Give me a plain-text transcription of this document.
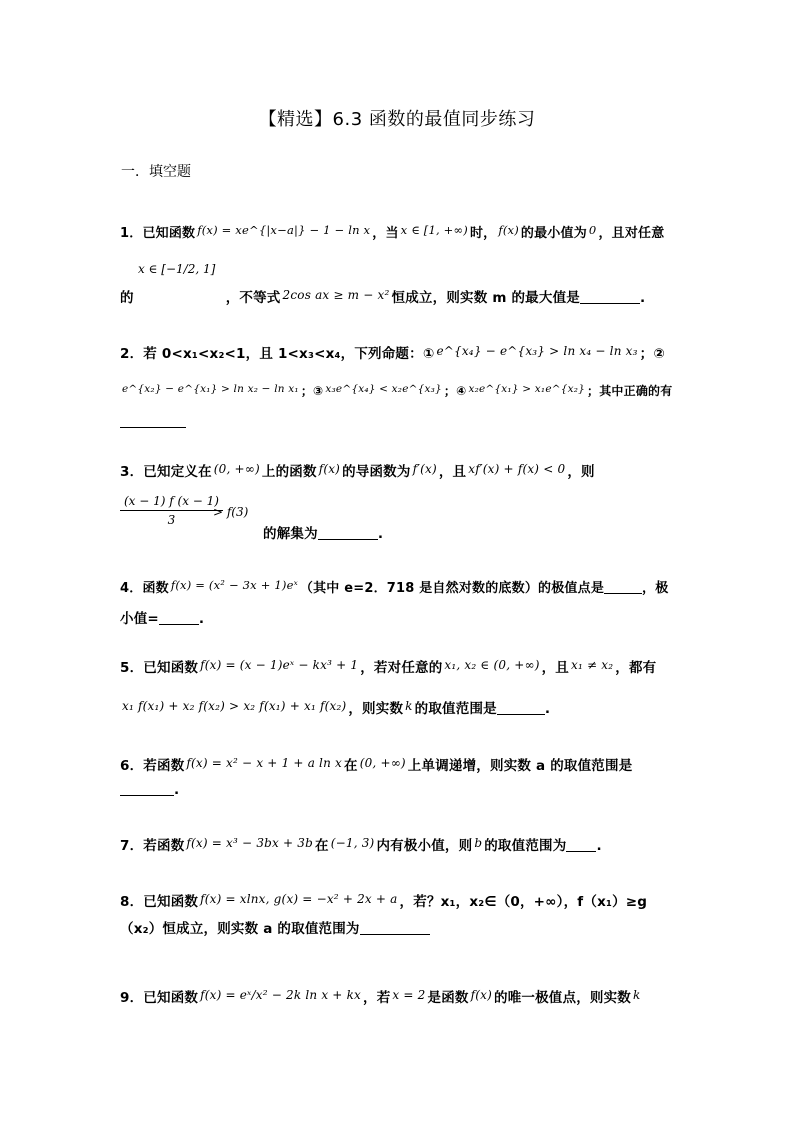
【精选】6.3 函数的最值同步练习
一．填空题
1．已知函数 f(x) = xe^{|x−a|} − 1 − ln x ，当 x ∈ [1, +∞) 时， f(x) 的最小值为 0 ，且对任意
x ∈ [−1/2, 1]
的	，不等式 2cos ax ≥ m − x² 恒成立，则实数 m 的最大值是	.
2．若 0<x₁<x₂<1，且 1<x₃<x₄，下列命题：① e^{x₄} − e^{x₃} > ln x₄ − ln x₃ ；②
e^{x₂} − e^{x₁} > ln x₂ − ln x₁ ；③ x₃e^{x₄} < x₂e^{x₃} ；④ x₂e^{x₁} > x₁e^{x₂} ；其中正确的有
3．已知定义在 (0, +∞) 上的函数 f(x) 的导函数为 f′(x) ，且 xf′(x) + f(x) < 0 ，则
$\frac{(x - 1) f (x - 1)}{3}$
> f(3)
的解集为	.
4．函数 f(x) = (x² − 3x + 1)eˣ （其中 e=2．718 是自然对数的底数）的极值点是	，极
小值=	.
5．已知函数 f(x) = (x − 1)eˣ − kx³ + 1 ，若对任意的 x₁, x₂ ∈ (0, +∞) ，且 x₁ ≠ x₂ ，都有
x₁ f(x₁) + x₂ f(x₂) > x₂ f(x₁) + x₁ f(x₂) ，则实数 k 的取值范围是	.
6．若函数 f(x) = x² − x + 1 + a ln x 在 (0, +∞) 上单调递增，则实数 a 的取值范围是
.
7．若函数 f(x) = x³ − 3bx + 3b 在 (−1, 3) 内有极小值，则 b 的取值范围为 .
8．已知函数 f(x) = xlnx, g(x) = −x² + 2x + a ，若？x₁，x₂∈（0，+∞），f（x₁）≥g
（x₂）恒成立，则实数 a 的取值范围为
9．已知函数 f(x) = eˣ/x² − 2k ln x + kx ，若 x = 2 是函数 f(x) 的唯一极值点，则实数 k
